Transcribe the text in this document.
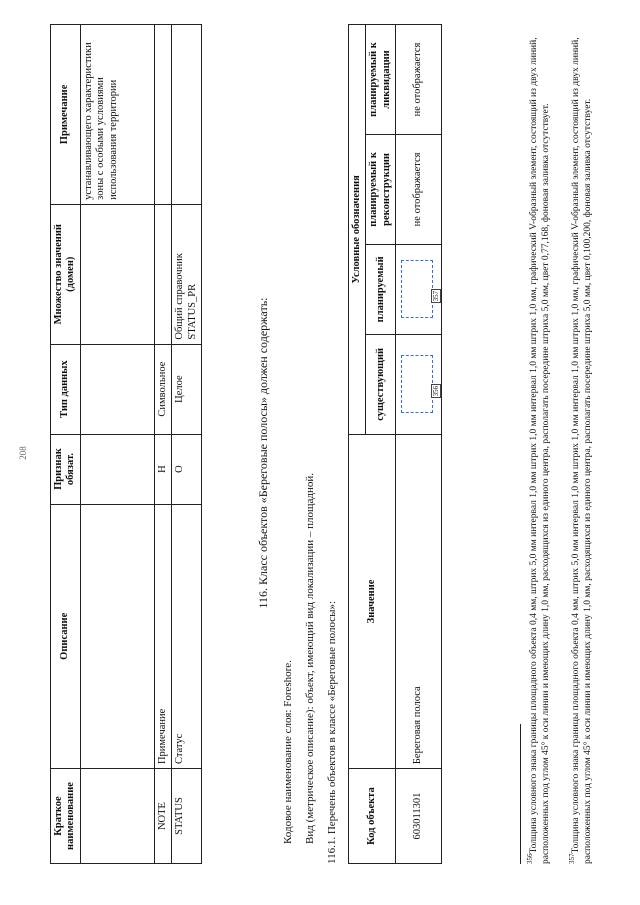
208
Краткое наименование	Описание	Признак обязат.	Тип данных	Множество значений (домен)	Примечание
					устанавливающего характеристики зоны с особыми условиями использования территории
NOTE	Примечание	Н	Символьное		
STATUS	Статус	О	Целое	Общий справочник STATUS_PR		116. Класс объектов «Береговые полосы» должен содержать:
Кодовое наименование слоя: Foreshore. Вид (метрическое описание): объект, имеющий вид локализации – площадной. 116.1. Перечень объектов в классе «Береговые полосы»:	Код объекта	Значение	Условные обозначения			
		существующий	планируемый	планируемый к реконструкции	планируемый к ликвидации
603011301	Береговая полоса	356	357	не отображается	не отображается
$^{356}$Толщина условного знака границы площадного объекта 0,4 мм, штрих 5,0 мм интервал 1,0 мм штрих 1,0 мм интервал 1,0 мм штрих 1,0 мм, графический V-образный элемент, состоящий из двух линий, расположенных под углом 45° к оси линии и имеющих длину 1,0 мм, расходящихся из единого центра, располагать посередине штриха 5,0 мм, цвет 0,77,168, фоновая заливка отсутствует. $^{357}$Толщина условного знака границы площадного объекта 0,4 мм, штрих 5,0 мм интервал 1,0 мм штрих 1,0 мм интервал 1,0 мм штрих 1,0 мм, графический V-образный элемент, состоящий из двух линий, расположенных под углом 45° к оси линии и имеющих длину 1,0 мм, расходящихся из единого центра, располагать посередине штриха 5,0 мм, цвет 0,100,200, фоновая заливка отсутствует.
